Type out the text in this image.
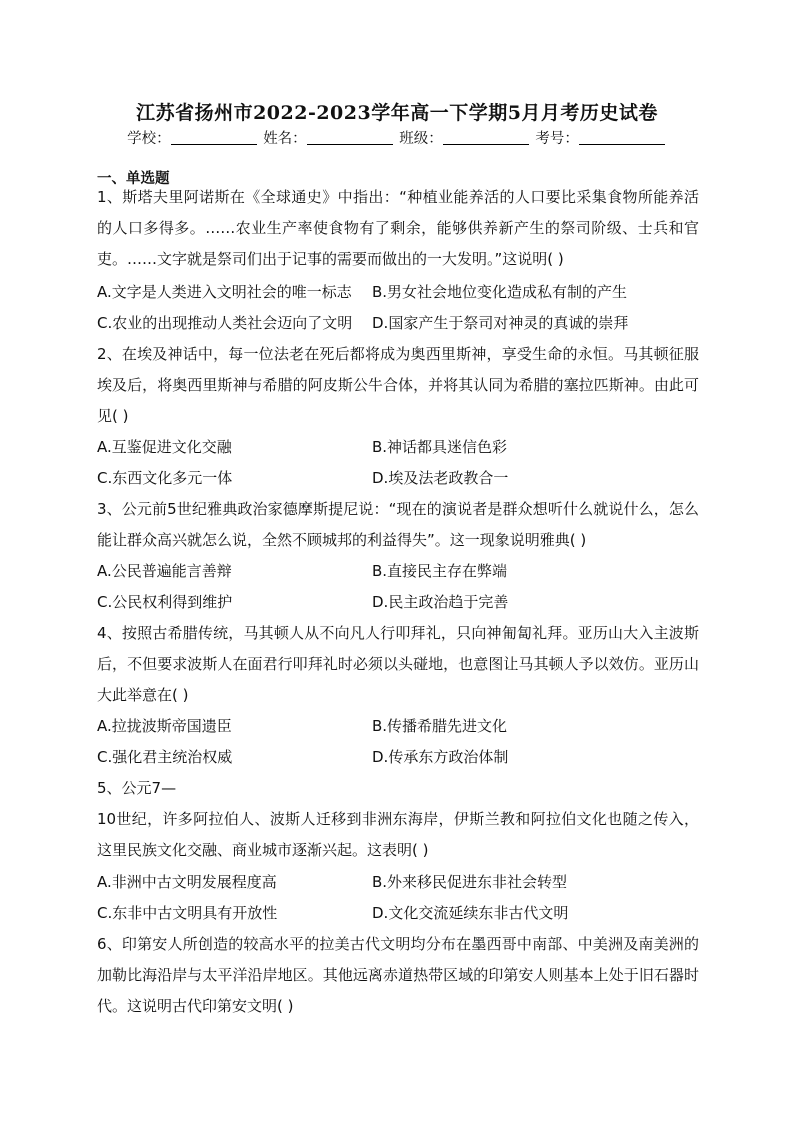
江苏省扬州市2022-2023学年高一下学期5月月考历史试卷
学校：	姓名：	班级：	考号：
一、单选题
1、斯塔夫里阿诺斯在《全球通史》中指出：“种植业能养活的人口要比采集食物所能养活的人口多得多。……农业生产率使食物有了剩余，能够供养新产生的祭司阶级、士兵和官吏。……文字就是祭司们出于记事的需要而做出的一大发明。”这说明( )
A.文字是人类进入文明社会的唯一标志	B.男女社会地位变化造成私有制的产生
C.农业的出现推动人类社会迈向了文明	D.国家产生于祭司对神灵的真诚的崇拜
2、在埃及神话中，每一位法老在死后都将成为奥西里斯神，享受生命的永恒。马其顿征服埃及后，将奥西里斯神与希腊的阿皮斯公牛合体，并将其认同为希腊的塞拉匹斯神。由此可见( )
A.互鉴促进文化交融	B.神话都具迷信色彩
C.东西文化多元一体	D.埃及法老政教合一
3、公元前5世纪雅典政治家德摩斯提尼说：“现在的演说者是群众想听什么就说什么，怎么能让群众高兴就怎么说，全然不顾城邦的利益得失”。这一现象说明雅典( )
A.公民普遍能言善辩	B.直接民主存在弊端
C.公民权利得到维护	D.民主政治趋于完善
4、按照古希腊传统，马其顿人从不向凡人行叩拜礼，只向神匍匐礼拜。亚历山大入主波斯后，不但要求波斯人在面君行叩拜礼时必须以头碰地，也意图让马其顿人予以效仿。亚历山大此举意在( )
A.拉拢波斯帝国遗臣	B.传播希腊先进文化
C.强化君主统治权威	D.传承东方政治体制
5、公元7—
10世纪，许多阿拉伯人、波斯人迁移到非洲东海岸，伊斯兰教和阿拉伯文化也随之传入，这里民族文化交融、商业城市逐渐兴起。这表明( )
A.非洲中古文明发展程度高	B.外来移民促进东非社会转型
C.东非中古文明具有开放性	D.文化交流延续东非古代文明
6、印第安人所创造的较高水平的拉美古代文明均分布在墨西哥中南部、中美洲及南美洲的加勒比海沿岸与太平洋沿岸地区。其他远离赤道热带区域的印第安人则基本上处于旧石器时代。这说明古代印第安文明( )
